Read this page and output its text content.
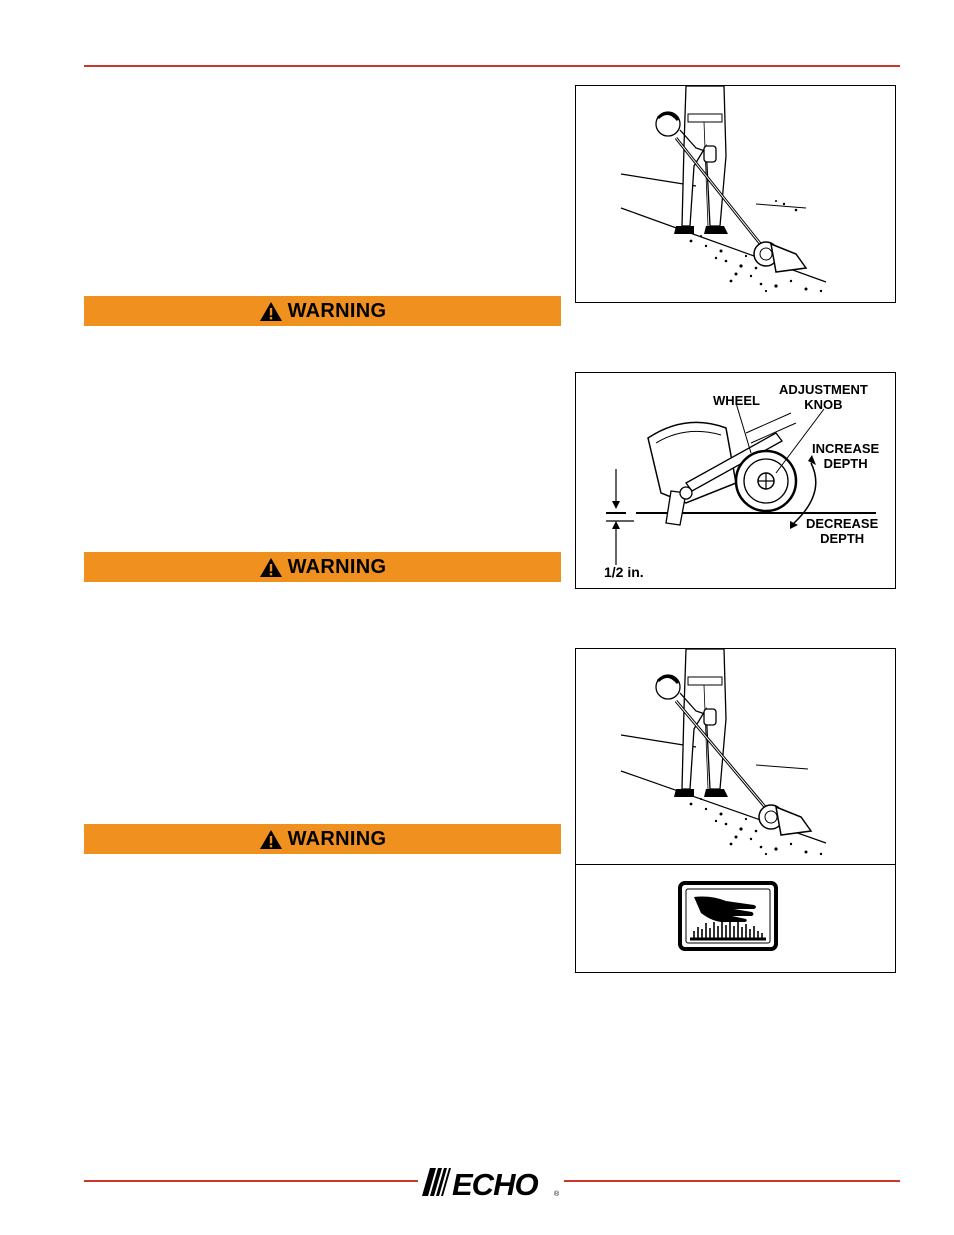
WARNING
WARNING
WARNING
WHEEL
ADJUSTMENT
KNOB
INCREASE
DEPTH
DECREASE
DEPTH
1/2 in.
ECHO ®
